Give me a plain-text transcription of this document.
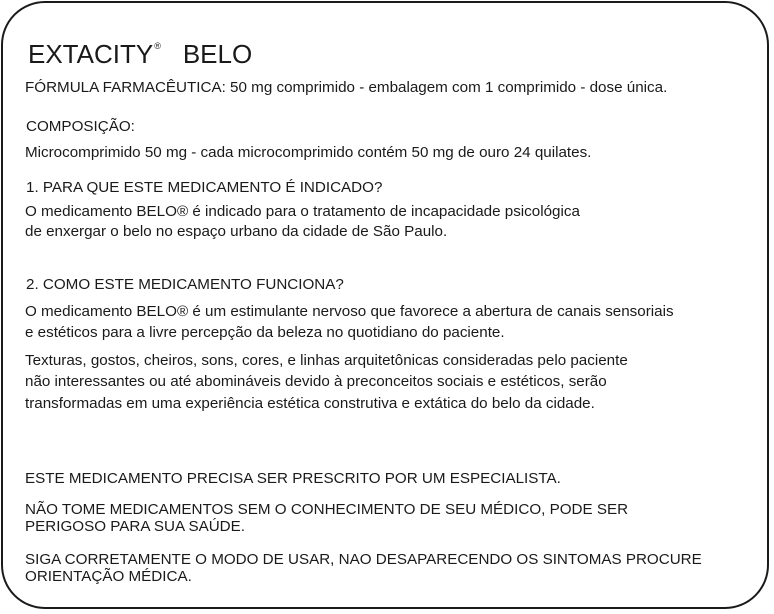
EXTACITY® BELO
FÓRMULA FARMACÊUTICA: 50 mg comprimido - embalagem com 1 comprimido - dose única.
COMPOSIÇÃO:
Microcomprimido 50 mg - cada microcomprimido contém 50 mg de ouro 24 quilates.
1. PARA QUE ESTE MEDICAMENTO É INDICADO?
O medicamento BELO® é indicado para o tratamento de incapacidade psicológica
de enxergar o belo no espaço urbano da cidade de São Paulo.
2. COMO ESTE MEDICAMENTO FUNCIONA?
O medicamento BELO® é um estimulante nervoso que favorece a abertura de canais sensoriais
e estéticos para a livre percepção da beleza no quotidiano do paciente.
Texturas, gostos, cheiros, sons, cores, e linhas arquitetônicas consideradas pelo paciente
não interessantes ou até abomináveis devido à preconceitos sociais e estéticos, serão
transformadas em uma experiência estética construtiva e extática do belo da cidade.
ESTE MEDICAMENTO PRECISA SER PRESCRITO POR UM ESPECIALISTA.
NÃO TOME MEDICAMENTOS SEM O CONHECIMENTO DE SEU MÉDICO, PODE SER
PERIGOSO PARA SUA SAÚDE.
SIGA CORRETAMENTE O MODO DE USAR, NAO DESAPARECENDO OS SINTOMAS PROCURE
ORIENTAÇÃO MÉDICA.
